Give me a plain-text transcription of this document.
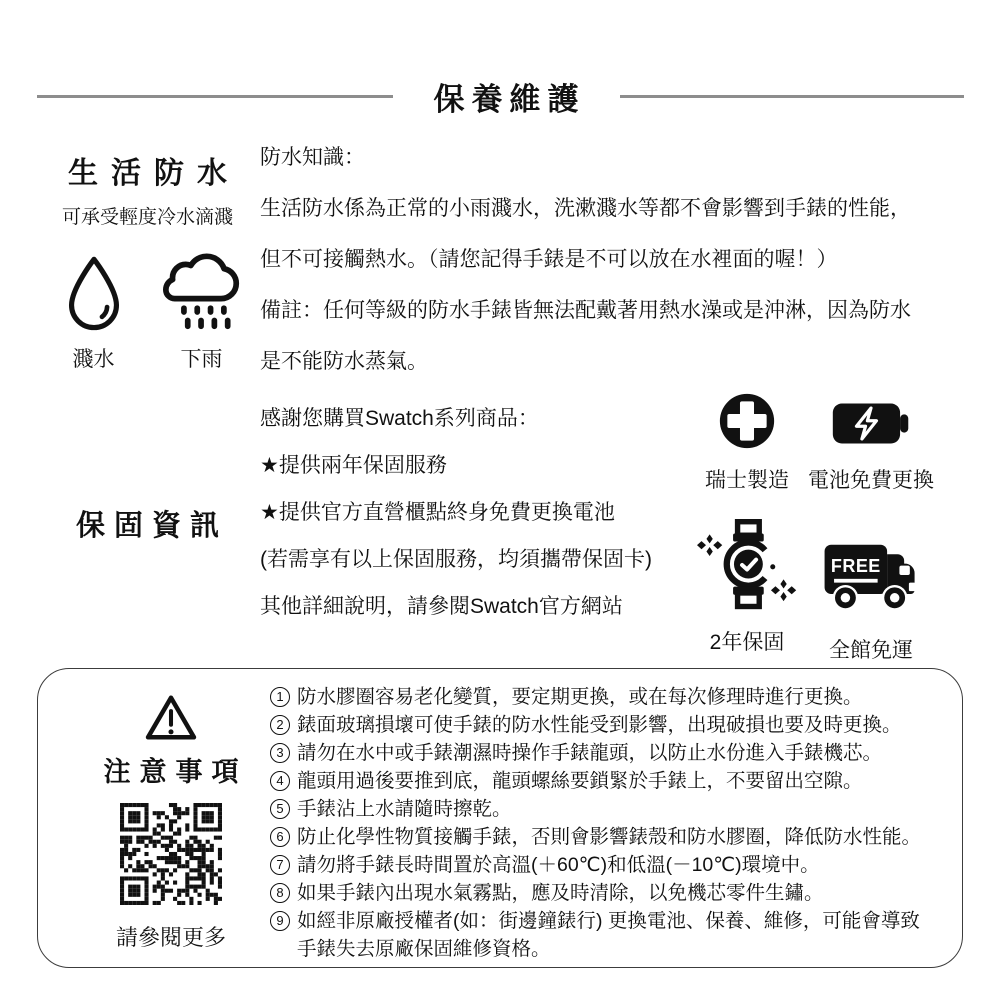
保養維護
生活防水
可承受輕度冷水滴濺
濺水	下雨

防水知識：

生活防水係為正常的小雨濺水，洗漱濺水等都不會影響到手錶的性能，

但不可接觸熱水。（請您記得手錶是不可以放在水裡面的喔！）

備註：任何等級的防水手錶皆無法配戴著用熱水澡或是沖淋，因為防水

是不能防水蒸氣。

保固資訊

感謝您購買Swatch系列商品：

★提供兩年保固服務

★提供官方直營櫃點終身免費更換電池

(若需享有以上保固服務，均須攜帶保固卡)

其他詳細說明，請參閱Swatch官方網站

瑞士製造 電池免費更換
2年保固
FREE
全館免運
注意事項
請參閱更多
1 防水膠圈容易老化變質，要定期更換，或在每次修理時進行更換。
2 錶面玻璃損壞可使手錶的防水性能受到影響，出現破損也要及時更換。
3 請勿在水中或手錶潮濕時操作手錶龍頭，以防止水份進入手錶機芯。
4 龍頭用過後要推到底，龍頭螺絲要鎖緊於手錶上，不要留出空隙。
5 手錶沾上水請隨時擦乾。
6 防止化學性物質接觸手錶，否則會影響錶殼和防水膠圈，降低防水性能。
7 請勿將手錶長時間置於高溫(＋60℃)和低溫(－10℃)環境中。
8 如果手錶內出現水氣霧點，應及時清除，以免機芯零件生鏽。
9 如經非原廠授權者(如：街邊鐘錶行) 更換電池、保養、維修，可能會導致手錶失去原廠保固維修資格。
